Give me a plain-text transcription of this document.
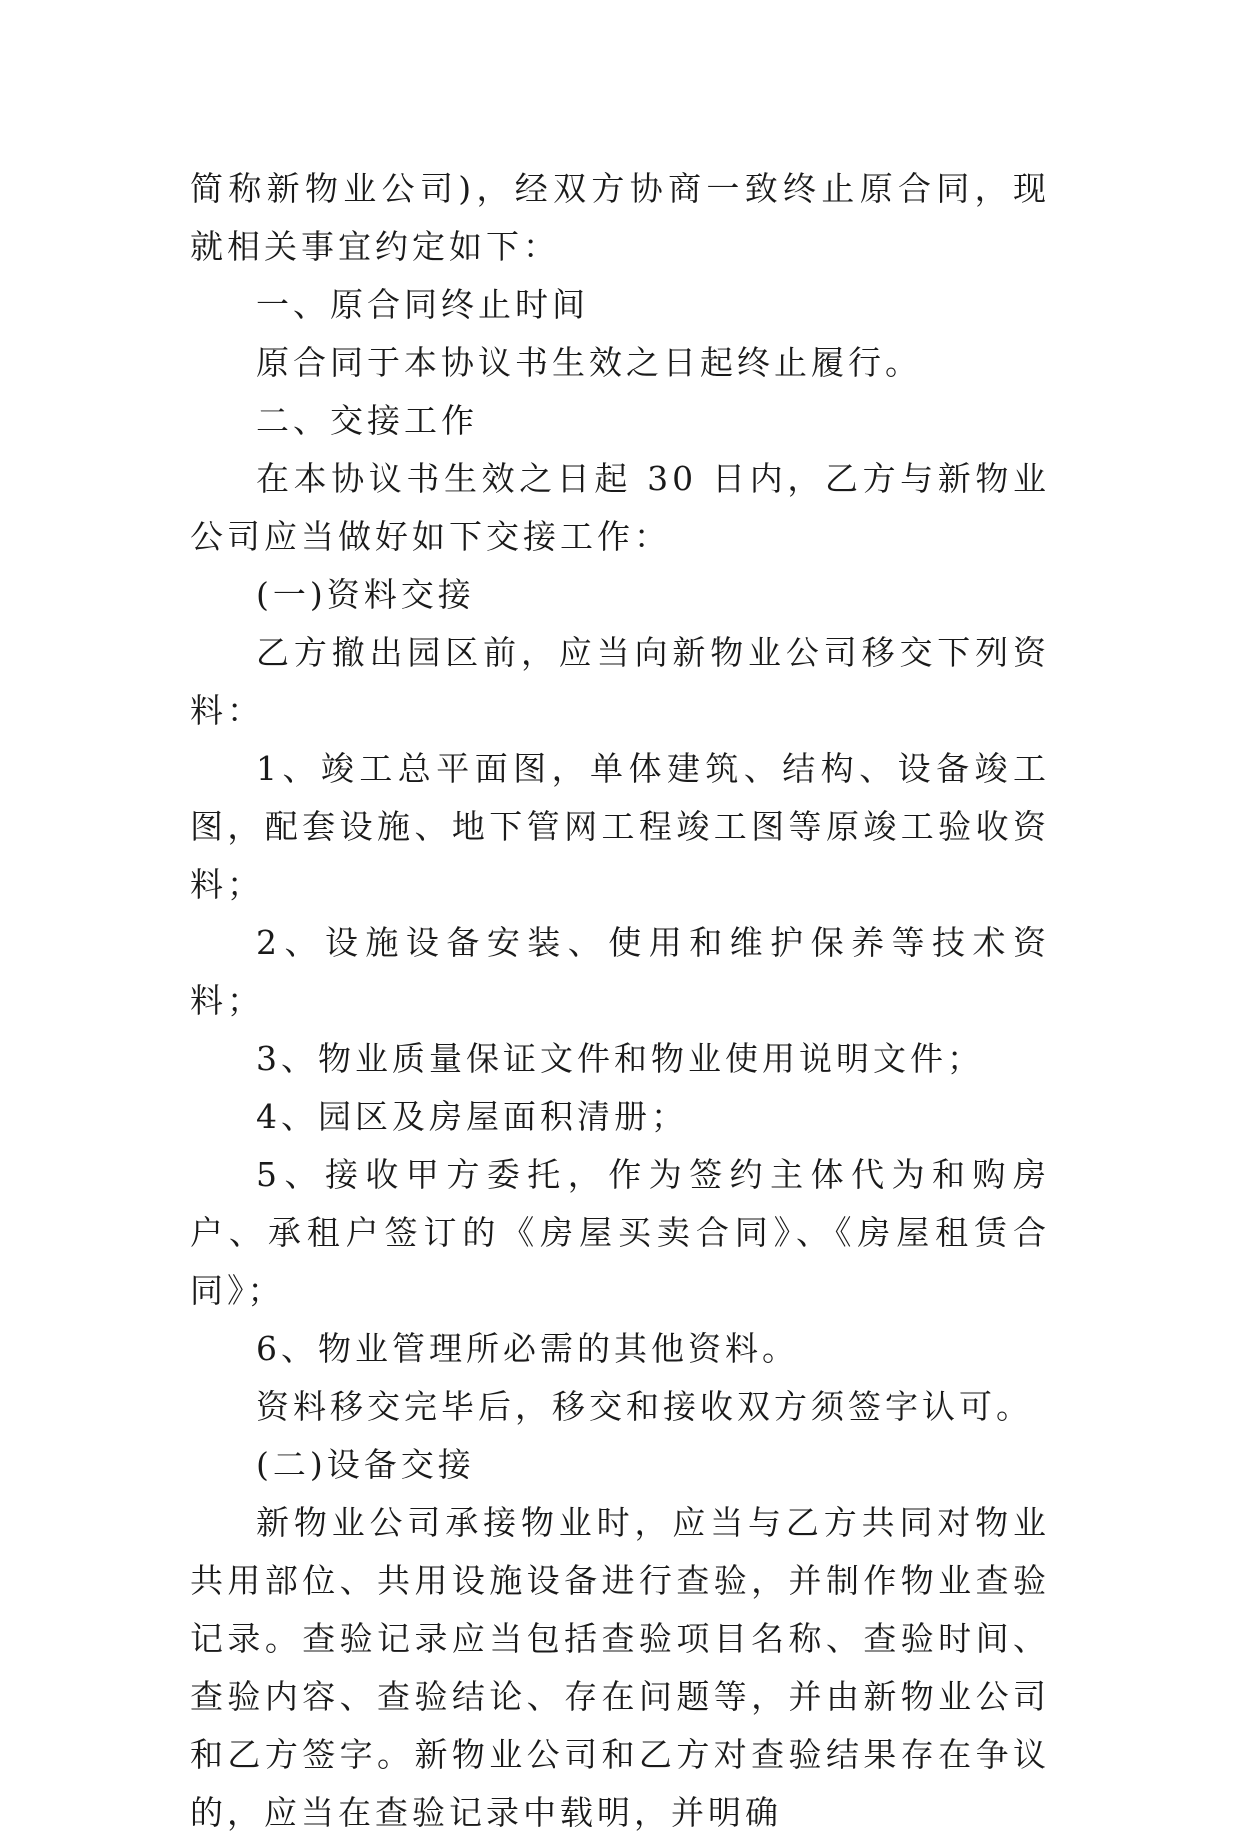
简称新物业公司)，经双方协商一致终止原合同，现就相关事宜约定如下：

一、原合同终止时间

原合同于本协议书生效之日起终止履行。

二、交接工作

在本协议书生效之日起 30 日内，乙方与新物业公司应当做好如下交接工作：

(一)资料交接

乙方撤出园区前，应当向新物业公司移交下列资料：

1、竣工总平面图，单体建筑、结构、设备竣工图，配套设施、地下管网工程竣工图等原竣工验收资料；

2、设施设备安装、使用和维护保养等技术资料；

3、物业质量保证文件和物业使用说明文件；

4、园区及房屋面积清册；

5、接收甲方委托，作为签约主体代为和购房户、承租户签订的《房屋买卖合同》、《房屋租赁合同》；

6、物业管理所必需的其他资料。

资料移交完毕后，移交和接收双方须签字认可。

(二)设备交接

新物业公司承接物业时，应当与乙方共同对物业共用部位、共用设施设备进行查验，并制作物业查验记录。查验记录应当包括查验项目名称、查验时间、查验内容、查验结论、存在问题等，并由新物业公司和乙方签字。新物业公司和乙方对查验结果存在争议的，应当在查验记录中载明，并明确
